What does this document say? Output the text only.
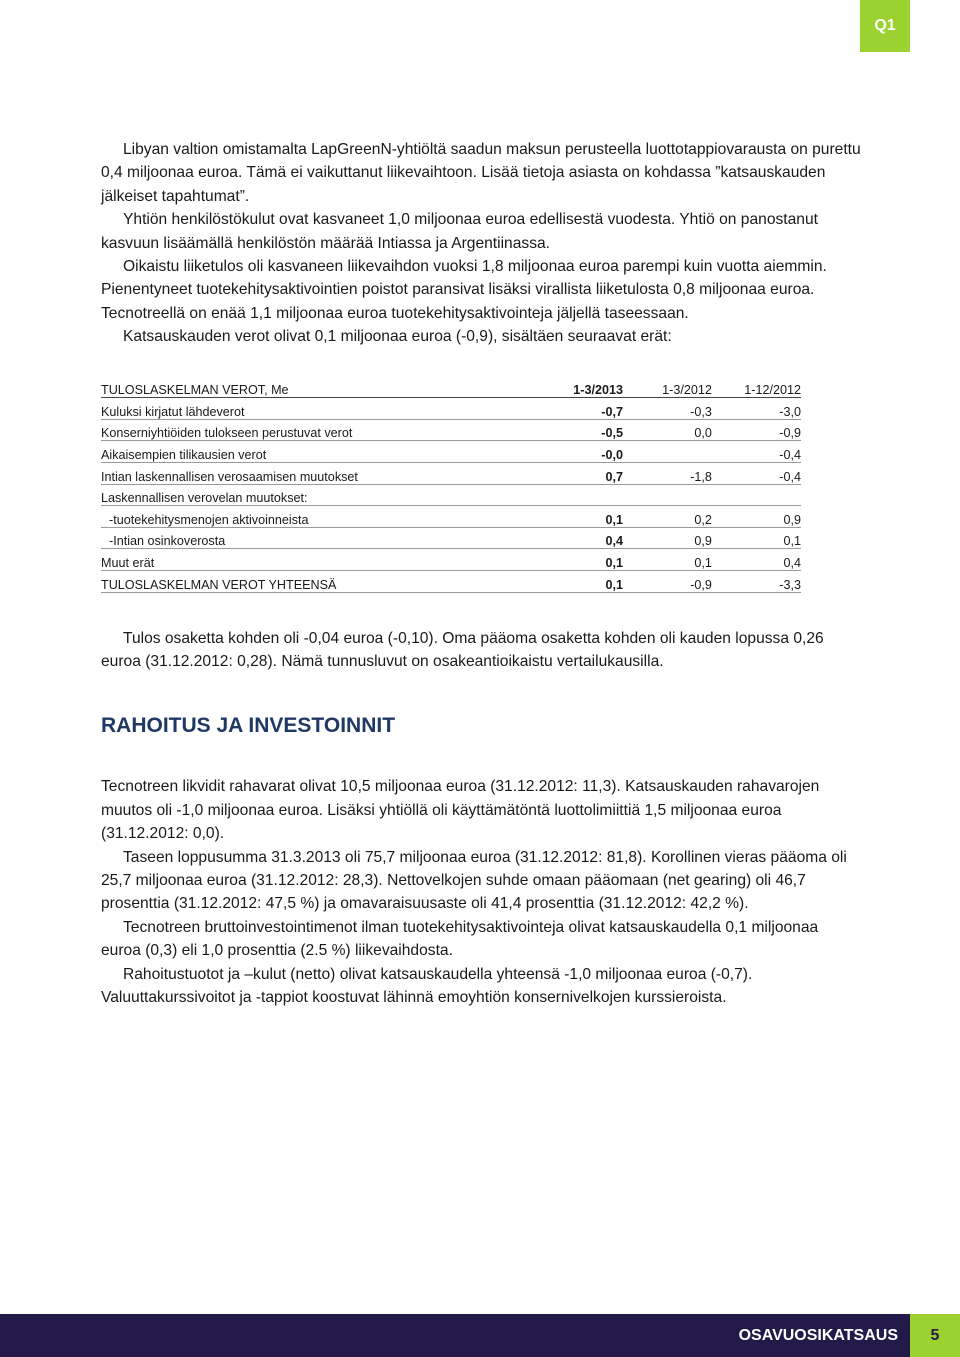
Q1

Libyan valtion omistamalta LapGreenN-yhtiöltä saadun maksun perusteella luottotappiovarausta on purettu 0,4 miljoonaa euroa. Tämä ei vaikuttanut liikevaihtoon. Lisää tietoja asiasta on kohdassa ”katsauskauden jälkeiset tapahtumat”.

Yhtiön henkilöstökulut ovat kasvaneet 1,0 miljoonaa euroa edellisestä vuodesta. Yhtiö on panostanut kasvuun lisäämällä henkilöstön määrää Intiassa ja Argentiinassa.

Oikaistu liiketulos oli kasvaneen liikevaihdon vuoksi 1,8 miljoonaa euroa parempi kuin vuotta aiemmin. Pienentyneet tuotekehitysaktivointien poistot paransivat lisäksi virallista liiketulosta 0,8 miljoonaa euroa. Tecnotreellä on enää 1,1 miljoonaa euroa tuotekehitysaktivointeja jäljellä taseessaan.

Katsauskauden verot olivat 0,1 miljoonaa euroa (-0,9), sisältäen seuraavat erät:

TULOSLASKELMAN VEROT, Me	1-3/2013	1-3/2012	1-12/2012
Kuluksi kirjatut lähdeverot	-0,7	-0,3	-3,0
Konserniyhtiöiden tulokseen perustuvat verot	-0,5	0,0	-0,9
Aikaisempien tilikausien verot	-0,0		-0,4
Intian laskennallisen verosaamisen muutokset	0,7	-1,8	-0,4
Laskennallisen verovelan muutokset:			
-tuotekehitysmenojen aktivoinneista	0,1	0,2	0,9
-Intian osinkoverosta	0,4	0,9	0,1
Muut erät	0,1	0,1	0,4
TULOSLASKELMAN VEROT YHTEENSÄ	0,1	-0,9	-3,3

Tulos osaketta kohden oli -0,04 euroa (-0,10). Oma pääoma osaketta kohden oli kauden lopussa 0,26 euroa (31.12.2012: 0,28). Nämä tunnusluvut on osakeantioikaistu vertailukausilla.

RAHOITUS JA INVESTOINNIT

Tecnotreen likvidit rahavarat olivat 10,5 miljoonaa euroa (31.12.2012: 11,3). Katsauskauden rahavarojen muutos oli -1,0 miljoonaa euroa. Lisäksi yhtiöllä oli käyttämätöntä luottolimiittiä 1,5 miljoonaa euroa (31.12.2012: 0,0).

Taseen loppusumma 31.3.2013 oli 75,7 miljoonaa euroa (31.12.2012: 81,8). Korollinen vieras pääoma oli 25,7 miljoonaa euroa (31.12.2012: 28,3). Nettovelkojen suhde omaan pääomaan (net gearing) oli 46,7 prosenttia (31.12.2012: 47,5 %) ja omavaraisuusaste oli 41,4 prosenttia (31.12.2012: 42,2 %).

Tecnotreen bruttoinvestointimenot ilman tuotekehitysaktivointeja olivat katsauskaudella 0,1 miljoonaa euroa (0,3) eli 1,0 prosenttia (2.5 %) liikevaihdosta.

Rahoitustuotot ja –kulut (netto) olivat katsauskaudella yhteensä -1,0 miljoonaa euroa (-0,7). Valuuttakurssivoitot ja -tappiot koostuvat lähinnä emoyhtiön konsernivelkojen kurssieroista.

OSAVUOSIKATSAUS	5
